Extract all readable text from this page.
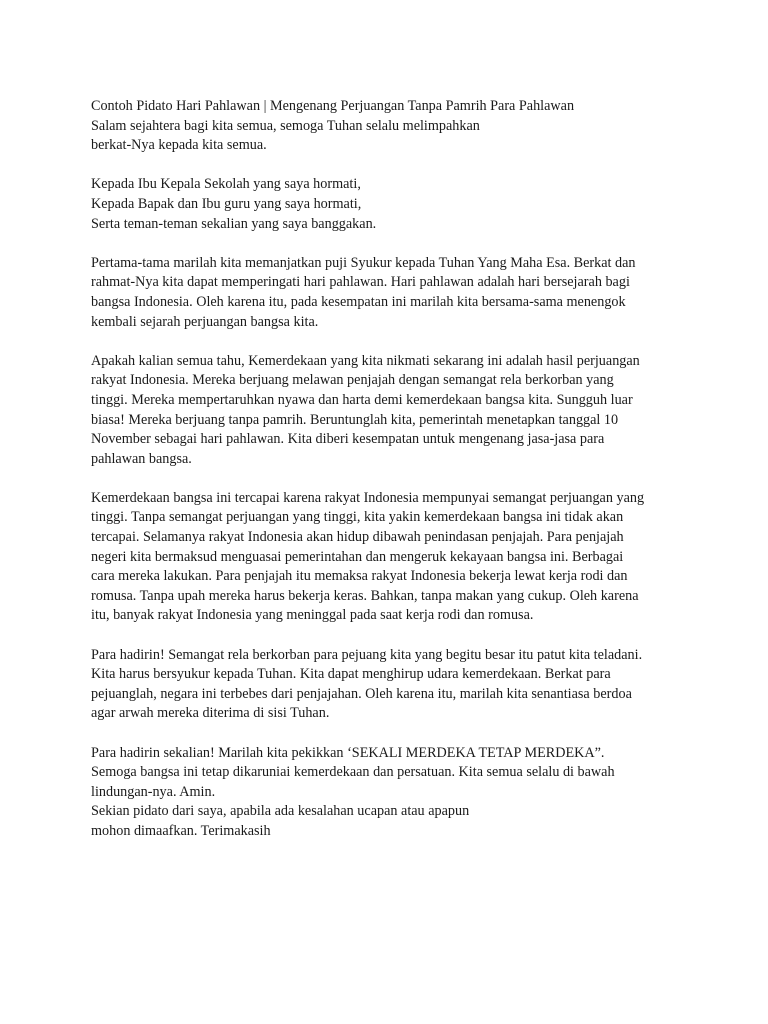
Contoh Pidato Hari Pahlawan | Mengenang Perjuangan Tanpa Pamrih Para Pahlawan
Salam sejahtera bagi kita semua, semoga Tuhan selalu melimpahkan
berkat-Nya kepada kita semua.
Kepada Ibu Kepala Sekolah yang saya hormati,
Kepada Bapak dan Ibu guru yang saya hormati,
Serta teman-teman sekalian yang saya banggakan.
Pertama-tama marilah kita memanjatkan puji Syukur kepada Tuhan Yang Maha Esa. Berkat dan
rahmat-Nya kita dapat memperingati hari pahlawan. Hari pahlawan adalah hari bersejarah bagi
bangsa Indonesia. Oleh karena itu, pada kesempatan ini marilah kita bersama-sama menengok
kembali sejarah perjuangan bangsa kita.
Apakah kalian semua tahu, Kemerdekaan yang kita nikmati sekarang ini adalah hasil perjuangan
rakyat Indonesia. Mereka berjuang melawan penjajah dengan semangat rela berkorban yang
tinggi. Mereka mempertaruhkan nyawa dan harta demi kemerdekaan bangsa kita. Sungguh luar
biasa! Mereka berjuang tanpa pamrih. Beruntunglah kita, pemerintah menetapkan tanggal 10
November sebagai hari pahlawan. Kita diberi kesempatan untuk mengenang jasa-jasa para
pahlawan bangsa.
Kemerdekaan bangsa ini tercapai karena rakyat Indonesia mempunyai semangat perjuangan yang
tinggi. Tanpa semangat perjuangan yang tinggi, kita yakin kemerdekaan bangsa ini tidak akan
tercapai. Selamanya rakyat Indonesia akan hidup dibawah penindasan penjajah. Para penjajah
negeri kita bermaksud menguasai pemerintahan dan mengeruk kekayaan bangsa ini. Berbagai
cara mereka lakukan. Para penjajah itu memaksa rakyat Indonesia bekerja lewat kerja rodi dan
romusa. Tanpa upah mereka harus bekerja keras. Bahkan, tanpa makan yang cukup. Oleh karena
itu, banyak rakyat Indonesia yang meninggal pada saat kerja rodi dan romusa.
Para hadirin! Semangat rela berkorban para pejuang kita yang begitu besar itu patut kita teladani.
Kita harus bersyukur kepada Tuhan. Kita dapat menghirup udara kemerdekaan. Berkat para
pejuanglah, negara ini terbebes dari penjajahan. Oleh karena itu, marilah kita senantiasa berdoa
agar arwah mereka diterima di sisi Tuhan.
Para hadirin sekalian! Marilah kita pekikkan ‘SEKALI MERDEKA TETAP MERDEKA”.
Semoga bangsa ini tetap dikaruniai kemerdekaan dan persatuan. Kita semua selalu di bawah
lindungan-nya. Amin.
Sekian pidato dari saya, apabila ada kesalahan ucapan atau apapun
mohon dimaafkan. Terimakasih
